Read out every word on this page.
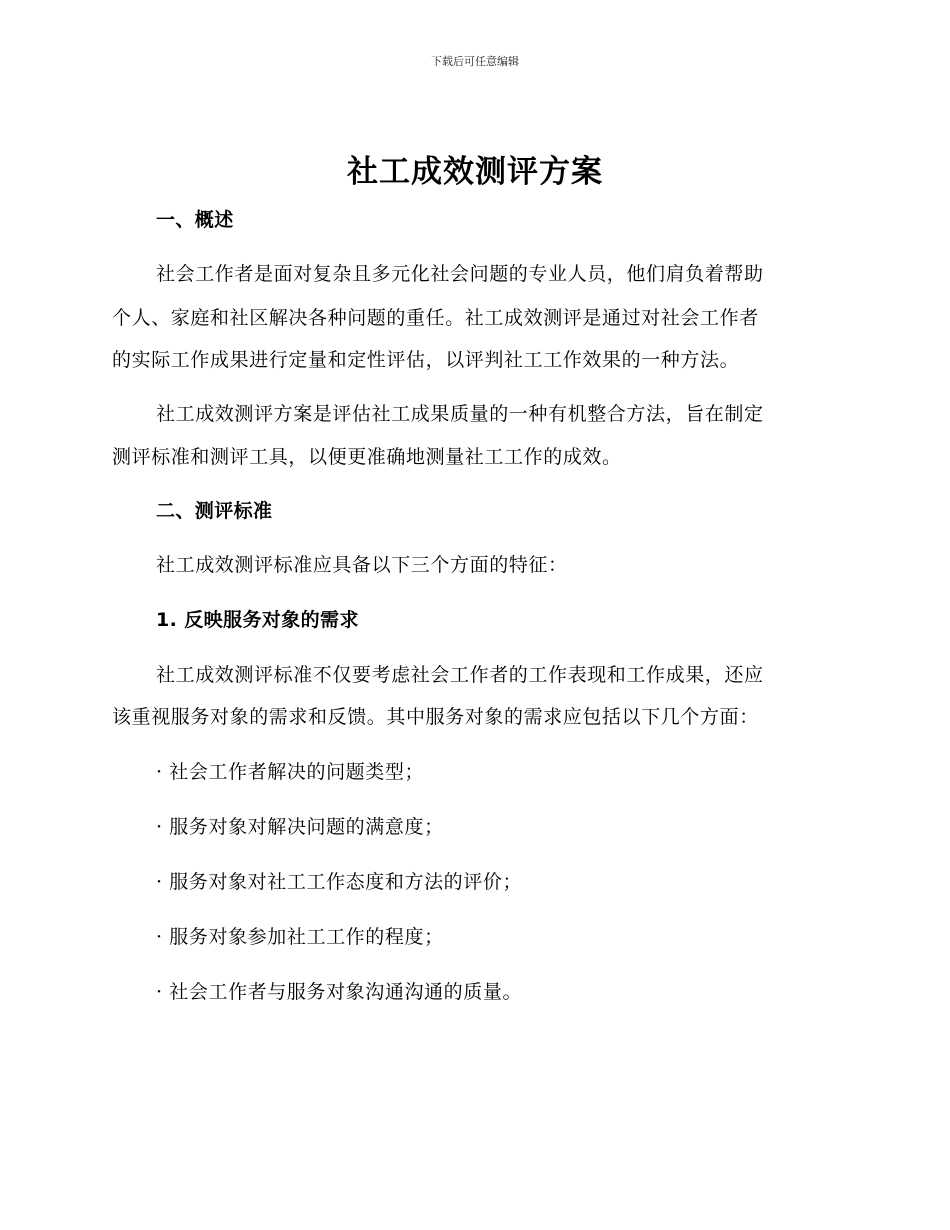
下载后可任意编辑
社工成效测评方案
一、概述
社会工作者是面对复杂且多元化社会问题的专业人员，他们肩负着帮助
个人、家庭和社区解决各种问题的重任。社工成效测评是通过对社会工作者
的实际工作成果进行定量和定性评估，以评判社工工作效果的一种方法。
社工成效测评方案是评估社工成果质量的一种有机整合方法，旨在制定
测评标准和测评工具，以便更准确地测量社工工作的成效。
二、测评标准
社工成效测评标准应具备以下三个方面的特征：
1. 反映服务对象的需求
社工成效测评标准不仅要考虑社会工作者的工作表现和工作成果，还应
该重视服务对象的需求和反馈。其中服务对象的需求应包括以下几个方面：
· 社会工作者解决的问题类型；
· 服务对象对解决问题的满意度；
· 服务对象对社工工作态度和方法的评价；
· 服务对象参加社工工作的程度；
· 社会工作者与服务对象沟通沟通的质量。
